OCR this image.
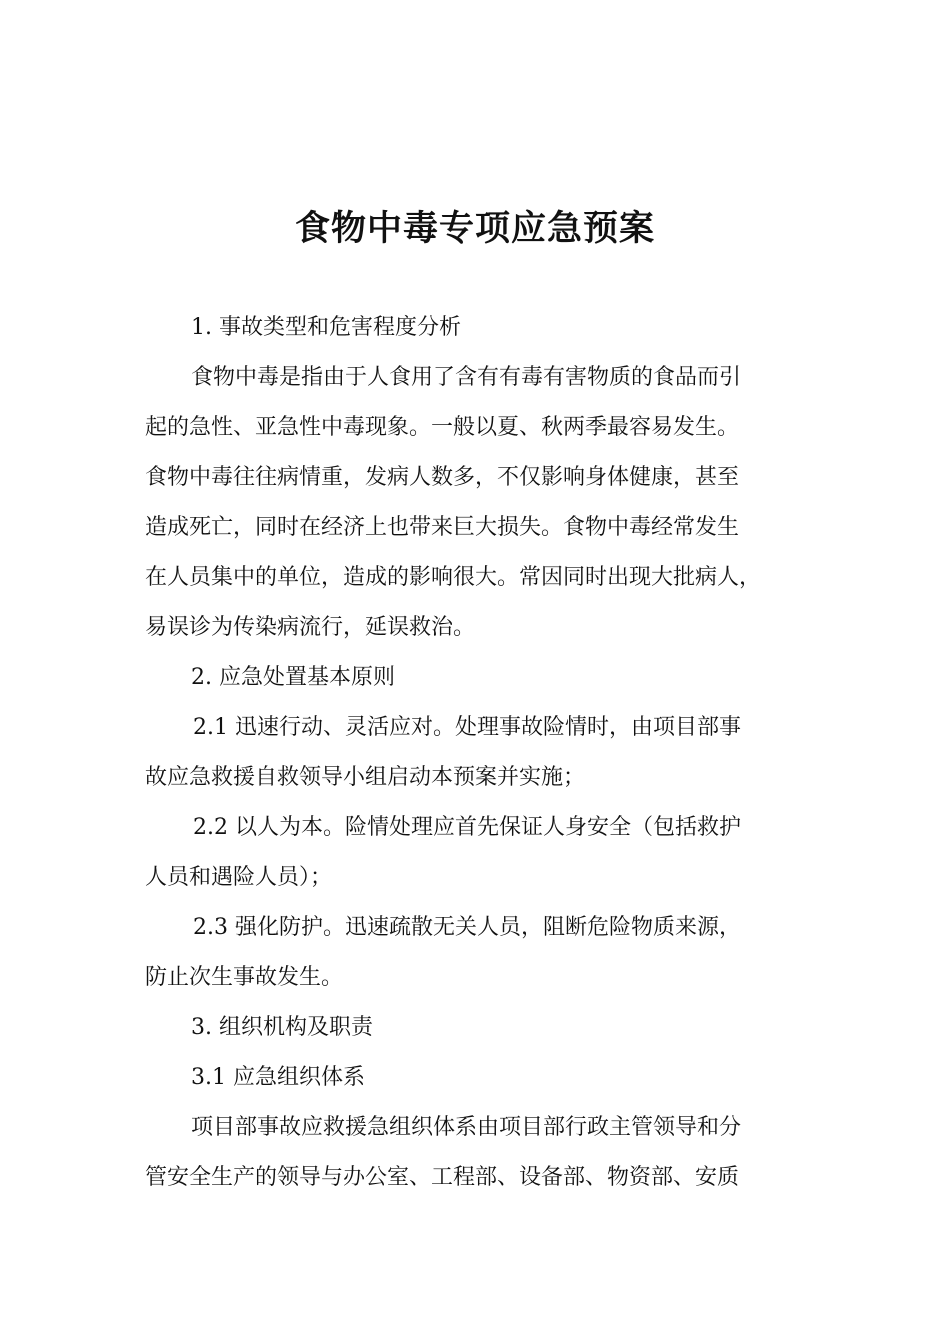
食物中毒专项应急预案
1. 事故类型和危害程度分析
食物中毒是指由于人食用了含有有毒有害物质的食品而引
起的急性、亚急性中毒现象。一般以夏、秋两季最容易发生。
食物中毒往往病情重，发病人数多，不仅影响身体健康，甚至
造成死亡，同时在经济上也带来巨大损失。食物中毒经常发生
在人员集中的单位，造成的影响很大。常因同时出现大批病人，
易误诊为传染病流行，延误救治。
2. 应急处置基本原则
2.1 迅速行动、灵活应对。处理事故险情时，由项目部事
故应急救援自救领导小组启动本预案并实施；
2.2 以人为本。险情处理应首先保证人身安全（包括救护
人员和遇险人员）；
2.3 强化防护。迅速疏散无关人员，阻断危险物质来源，
防止次生事故发生。
3. 组织机构及职责
3.1 应急组织体系
项目部事故应救援急组织体系由项目部行政主管领导和分
管安全生产的领导与办公室、工程部、设备部、物资部、安质
